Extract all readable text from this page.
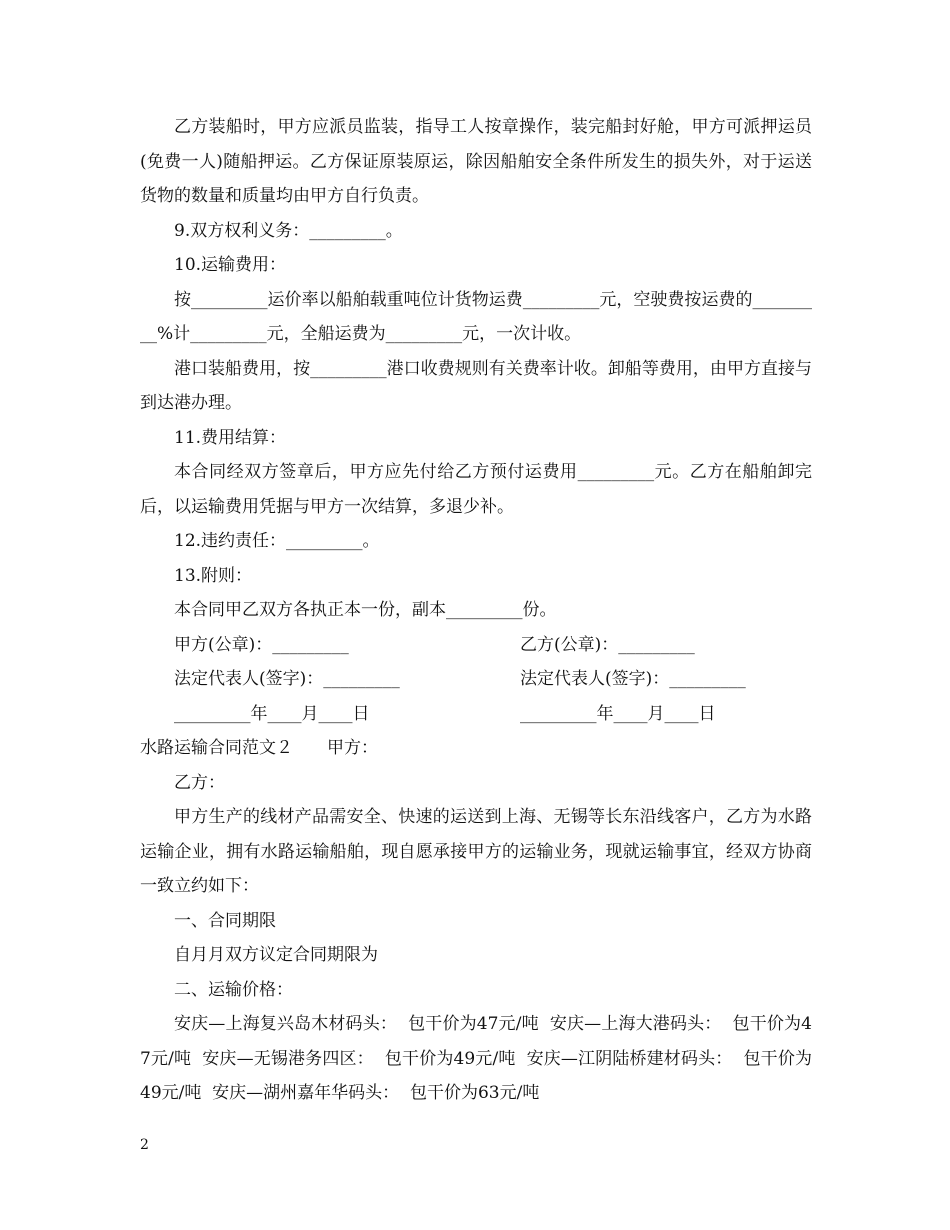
乙方装船时，甲方应派员监装，指导工人按章操作，装完船封好舱，甲方可派押运员(免费一人)随船押运。乙方保证原装原运，除因船舶安全条件所发生的损失外，对于运送货物的数量和质量均由甲方自行负责。

9.双方权利义务：_________。

10.运输费用：

按_________运价率以船舶载重吨位计货物运费_________元，空驶费按运费的_________%计_________元，全船运费为_________元，一次计收。

港口装船费用，按_________港口收费规则有关费率计收。卸船等费用，由甲方直接与到达港办理。

11.费用结算：

本合同经双方签章后，甲方应先付给乙方预付运费用_________元。乙方在船舶卸完后，以运输费用凭据与甲方一次结算，多退少补。

12.违约责任：_________。

13.附则：

本合同甲乙双方各执正本一份，副本_________份。

甲方(公章)：_________	乙方(公章)：_________
法定代表人(签字)：_________	法定代表人(签字)：_________
_________年____月____日	_________年____月____日

水路运输合同范文２　　甲方：

乙方：

甲方生产的线材产品需安全、快速的运送到上海、无锡等长东沿线客户，乙方为水路运输企业，拥有水路运输船舶，现自愿承接甲方的运输业务，现就运输事宜，经双方协商一致立约如下：

一、合同期限

自月月双方议定合同期限为

二、运输价格：

安庆—上海复兴岛木材码头：  包干价为47元/吨  安庆—上海大港码头：  包干价为47元/吨  安庆—无锡港务四区：  包干价为49元/吨  安庆—江阴陆桥建材码头：  包干价为49元/吨  安庆—湖州嘉年华码头：  包干价为63元/吨

2
